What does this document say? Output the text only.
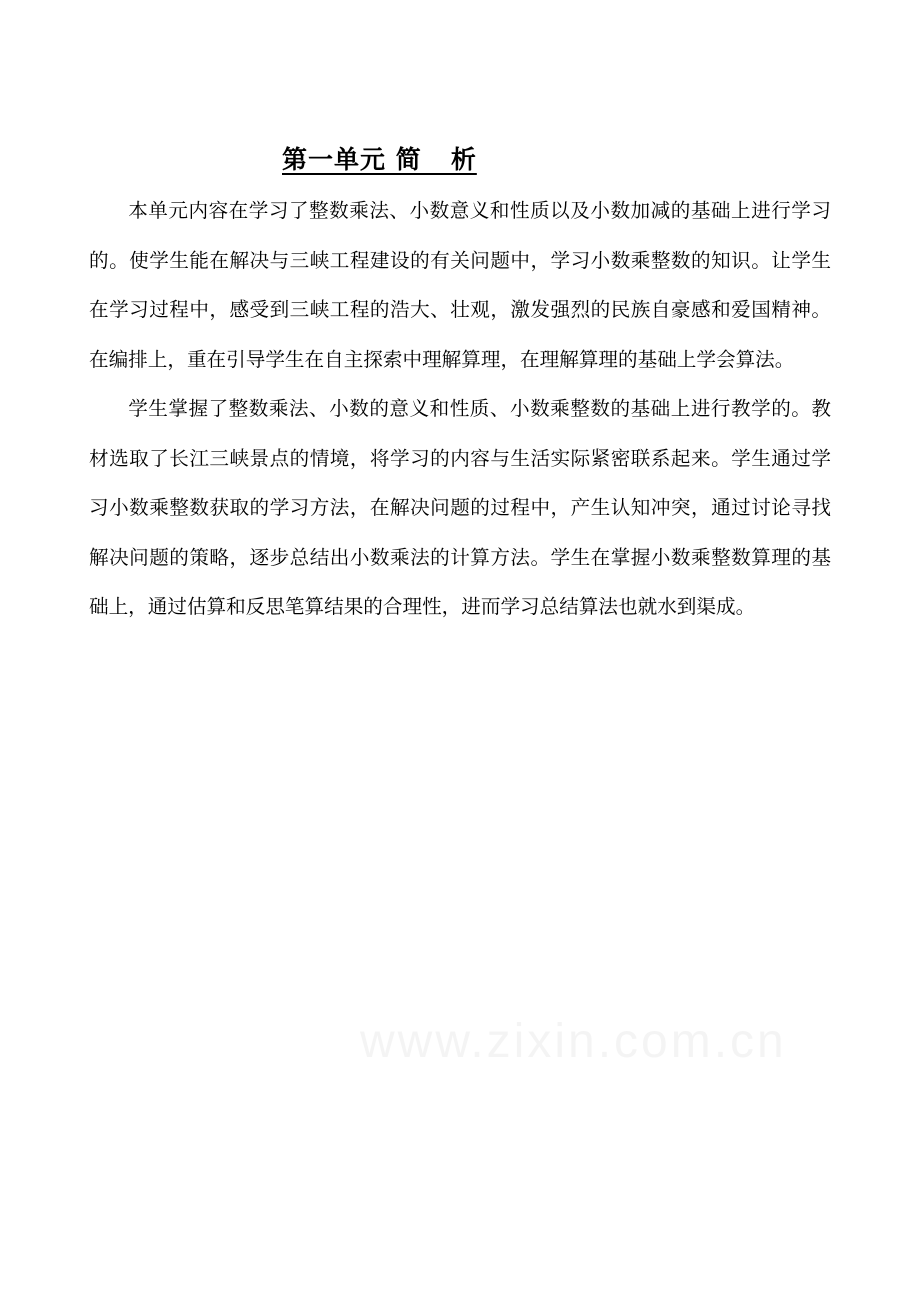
第一单元 简   析

本单元内容在学习了整数乘法、小数意义和性质以及小数加减的基础上进行学习的。使学生能在解决与三峡工程建设的有关问题中，学习小数乘整数的知识。让学生在学习过程中，感受到三峡工程的浩大、壮观，激发强烈的民族自豪感和爱国精神。在编排上，重在引导学生在自主探索中理解算理，在理解算理的基础上学会算法。

学生掌握了整数乘法、小数的意义和性质、小数乘整数的基础上进行教学的。教材选取了长江三峡景点的情境，将学习的内容与生活实际紧密联系起来。学生通过学习小数乘整数获取的学习方法，在解决问题的过程中，产生认知冲突，通过讨论寻找解决问题的策略，逐步总结出小数乘法的计算方法。学生在掌握小数乘整数算理的基础上，通过估算和反思笔算结果的合理性，进而学习总结算法也就水到渠成。

www.zixin.com.cn
